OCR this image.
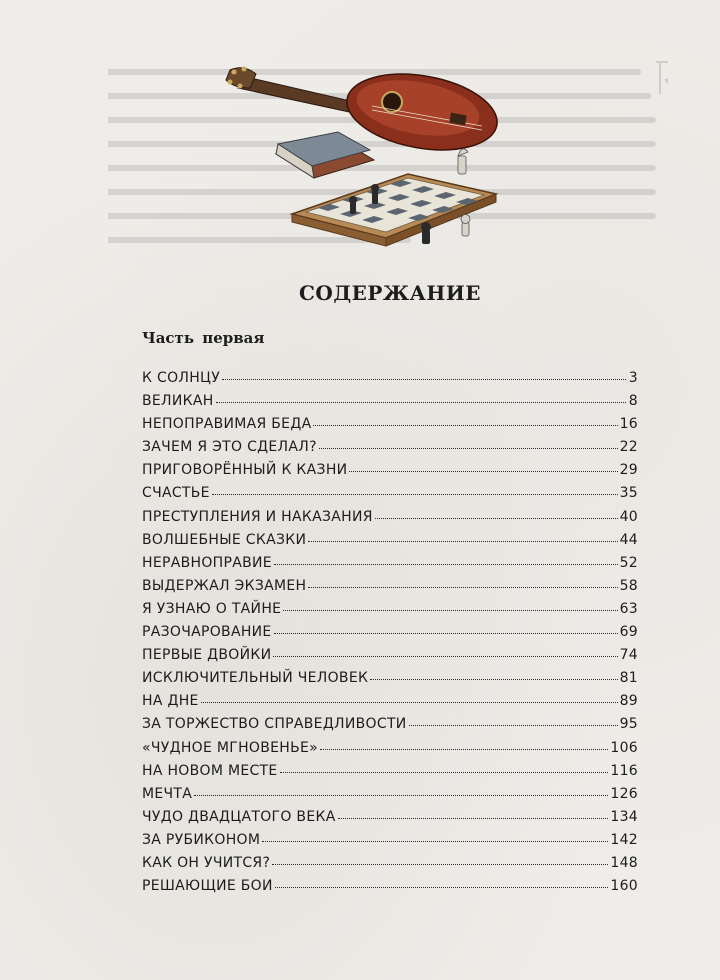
СОДЕРЖАНИЕ
Часть первая
К СОЛНЦУ	3
ВЕЛИКАН	8
НЕПОПРАВИМАЯ БЕДА	16
ЗАЧЕМ Я ЭТО СДЕЛАЛ?	22
ПРИГОВОРЁННЫЙ К КАЗНИ	29
СЧАСТЬЕ	35
ПРЕСТУПЛЕНИЯ И НАКАЗАНИЯ	40
ВОЛШЕБНЫЕ СКАЗКИ	44
НЕРАВНОПРАВИЕ	52
ВЫДЕРЖАЛ ЭКЗАМЕН	58
Я УЗНАЮ О ТАЙНЕ	63
РАЗОЧАРОВАНИЕ	69
ПЕРВЫЕ ДВОЙКИ	74
ИСКЛЮЧИТЕЛЬНЫЙ ЧЕЛОВЕК	81
НА ДНЕ	89
ЗА ТОРЖЕСТВО СПРАВЕДЛИВОСТИ	95
«ЧУДНОЕ МГНОВЕНЬЕ»	106
НА НОВОМ МЕСТЕ	116
МЕЧТА	126
ЧУДО ДВАДЦАТОГО ВЕКА	134
ЗА РУБИКОНОМ	142
КАК ОН УЧИТСЯ?	148
РЕШАЮЩИЕ БОИ	160
